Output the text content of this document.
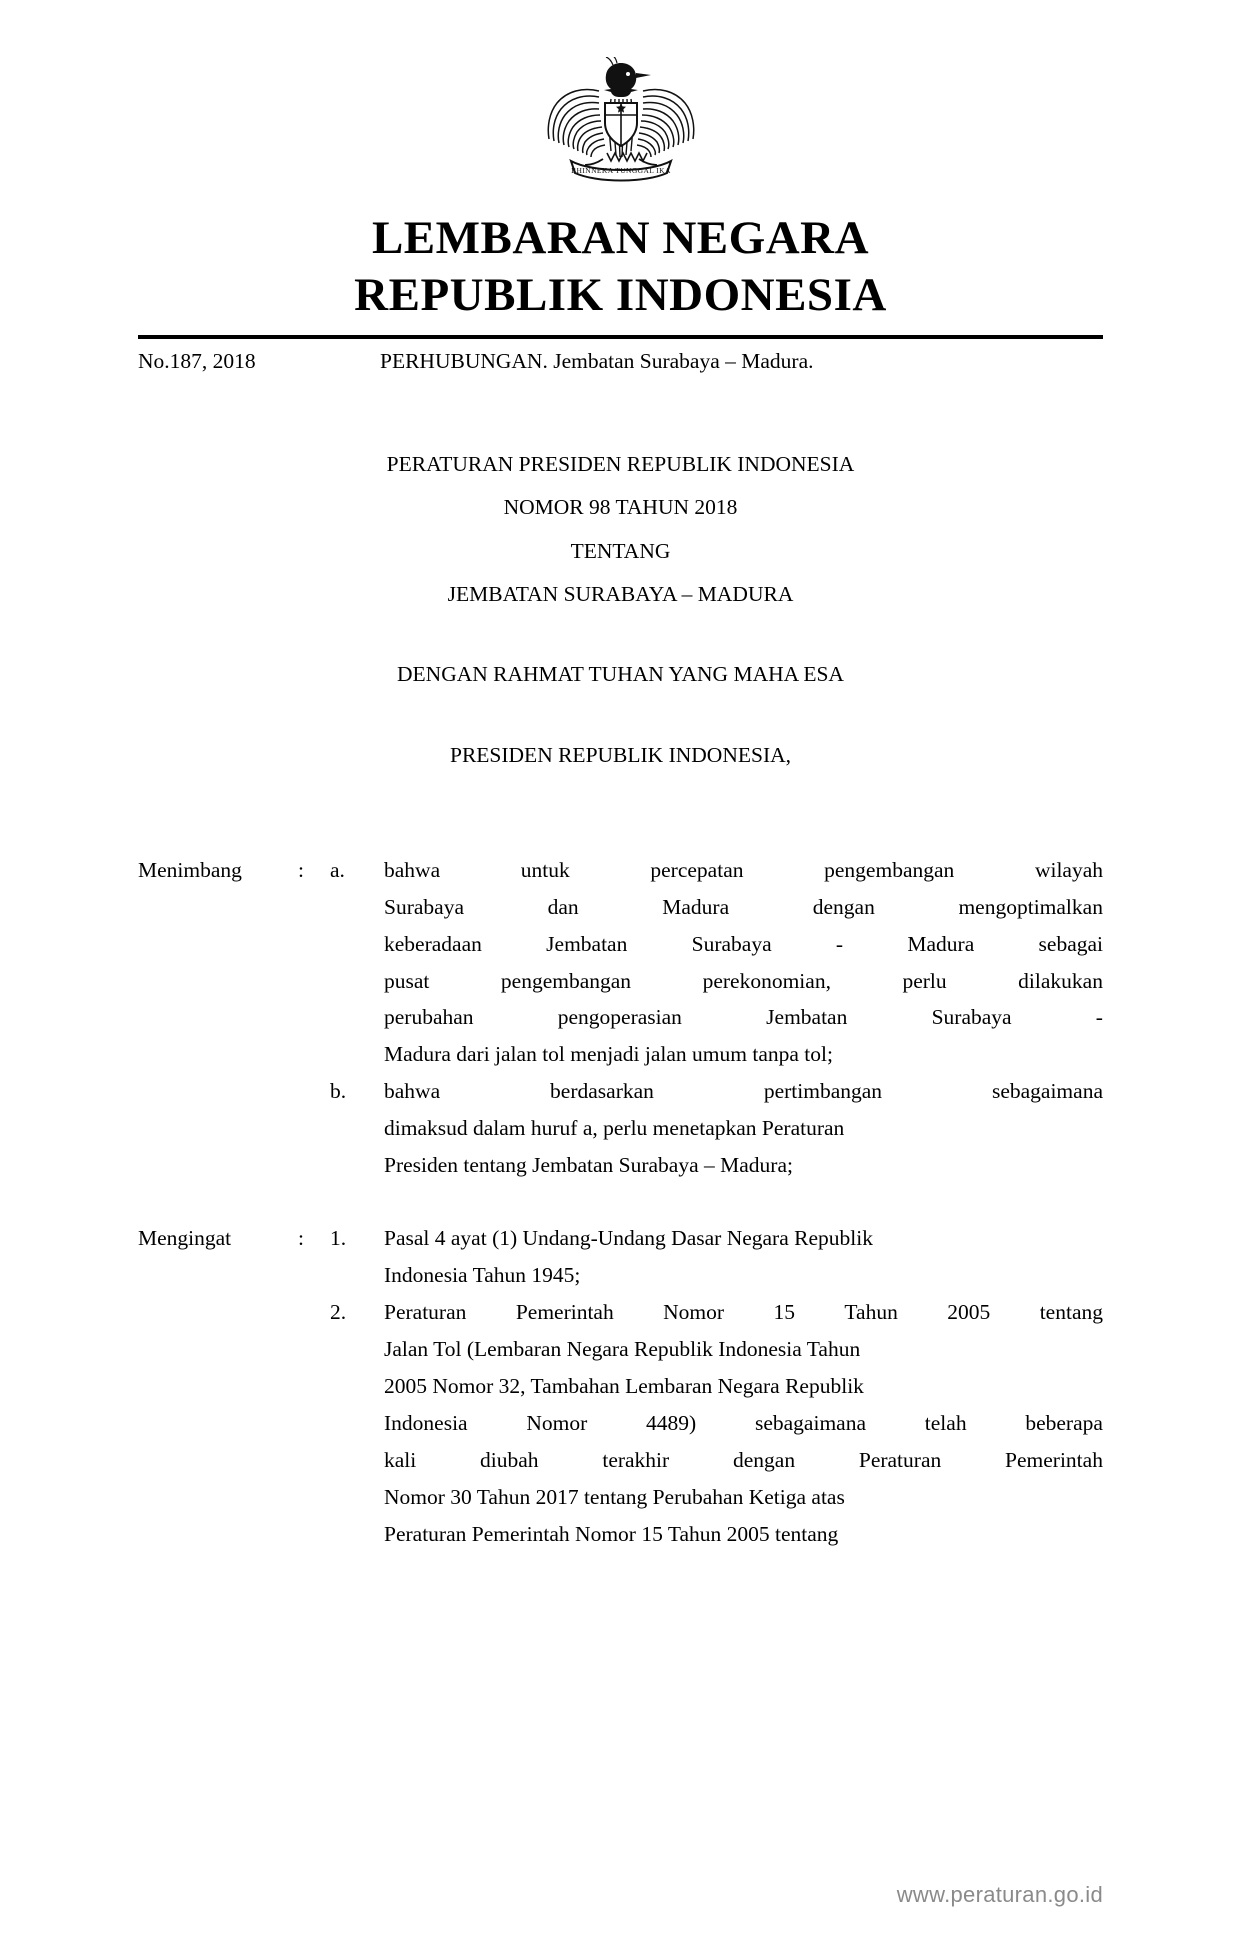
BHINNEKA TUNGGAL IKA
LEMBARAN NEGARA
REPUBLIK INDONESIA
No.187, 2018	PERHUBUNGAN. Jembatan Surabaya – Madura.
PERATURAN PRESIDEN REPUBLIK INDONESIA
NOMOR 98 TAHUN 2018
TENTANG
JEMBATAN SURABAYA – MADURA
DENGAN RAHMAT TUHAN YANG MAHA ESA
PRESIDEN REPUBLIK INDONESIA,
Menimbang	:	a.	bahwa	untuk	percepatan	pengembangan	wilayah
Surabaya	dan	Madura	dengan	mengoptimalkan
keberadaan	Jembatan	Surabaya	-	Madura	sebagai
pusat	pengembangan	perekonomian,	perlu	dilakukan
perubahan	pengoperasian	Jembatan	Surabaya	-
Madura dari jalan tol menjadi jalan umum tanpa tol;
b.	bahwa	berdasarkan	pertimbangan	sebagaimana
dimaksud dalam huruf a, perlu menetapkan Peraturan
Presiden tentang Jembatan Surabaya – Madura;
Mengingat	:	1.	Pasal 4 ayat (1) Undang-Undang Dasar Negara Republik
Indonesia Tahun 1945;
2.	Peraturan Pemerintah Nomor 15 Tahun 2005 tentang
Jalan Tol (Lembaran Negara Republik Indonesia Tahun
2005 Nomor 32, Tambahan Lembaran Negara Republik
Indonesia	Nomor	4489)	sebagaimana	telah	beberapa
kali	diubah	terakhir	dengan	Peraturan	Pemerintah
Nomor 30 Tahun 2017 tentang Perubahan Ketiga atas
Peraturan Pemerintah Nomor 15 Tahun 2005 tentang
www.peraturan.go.id
